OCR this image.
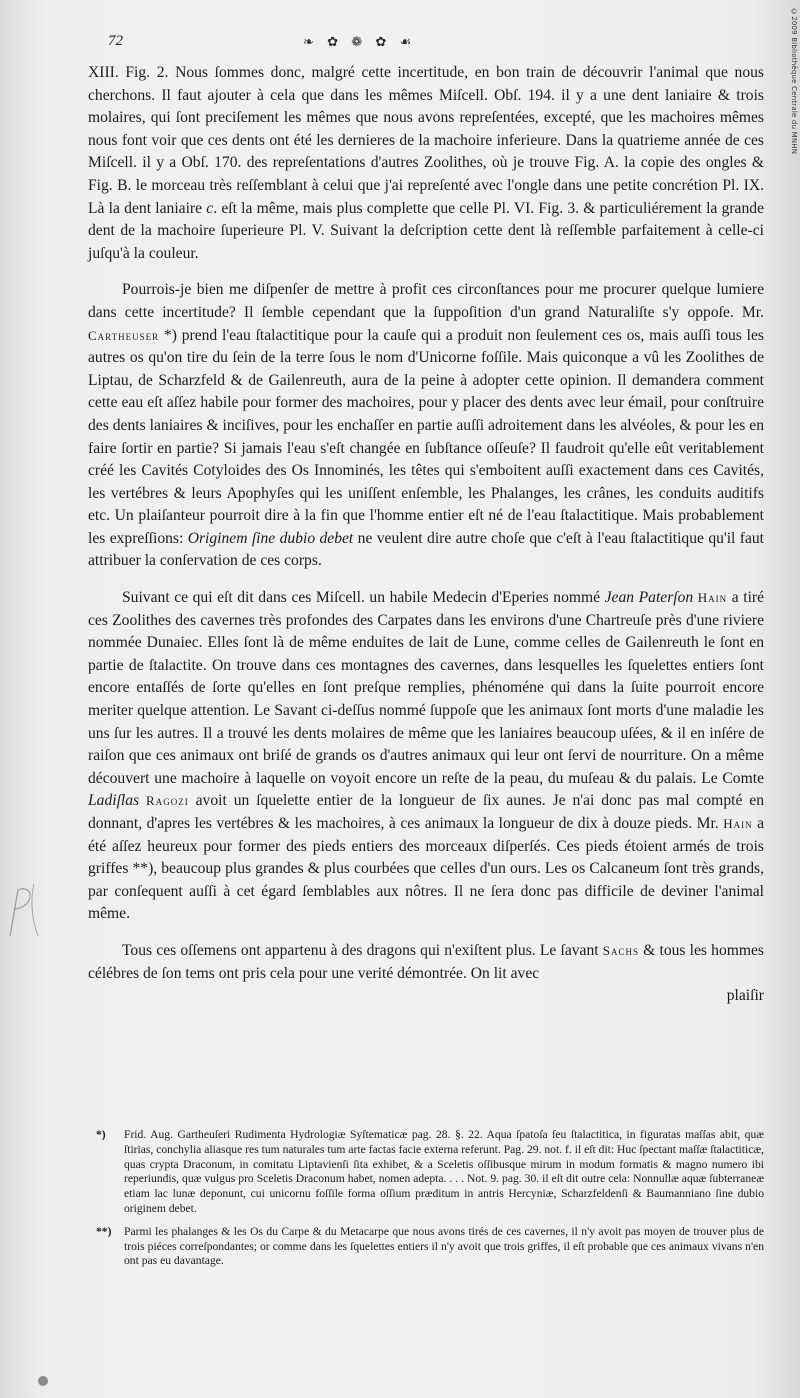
©2009 Bibliothèque Centrale du MNHN
72	❧ ✿ ❁ ✿ ☙

XIII. Fig. 2. Nous ſommes donc, malgré cette incertitude, en bon train de découvrir l'animal que nous cherchons. Il faut ajouter à cela que dans les mêmes Miſcell. Obſ. 194. il y a une dent laniaire & trois molaires, qui ſont preciſement les mêmes que nous avons repreſentées, excepté, que les machoires mêmes nous font voir que ces dents ont été les dernieres de la machoire inferieure. Dans la quatrieme année de ces Miſcell. il y a Obſ. 170. des repreſentations d'autres Zoolithes, où je trouve Fig. A. la copie des ongles & Fig. B. le morceau très reſſemblant à celui que j'ai repreſenté avec l'ongle dans une petite concrétion Pl. IX. Là la dent laniaire c. eſt la même, mais plus complette que celle Pl. VI. Fig. 3. & particuliérement la grande dent de la machoire ſuperieure Pl. V. Suivant la deſcription cette dent là reſſemble parfaitement à celle-ci juſqu'à la couleur.

Pourrois-je bien me diſpenſer de mettre à profit ces circonſtances pour me procurer quelque lumiere dans cette incertitude? Il ſemble cependant que la ſuppoſition d'un grand Naturaliſte s'y oppoſe. Mr. Cartheuser *) prend l'eau ſtalactitique pour la cauſe qui a produit non ſeulement ces os, mais auſſi tous les autres os qu'on tire du ſein de la terre ſous le nom d'Unicorne foſſile. Mais quiconque a vû les Zoolithes de Liptau, de Scharzfeld & de Gailenreuth, aura de la peine à adopter cette opinion. Il demandera comment cette eau eſt aſſez habile pour former des machoires, pour y placer des dents avec leur émail, pour conſtruire des dents laniaires & inciſives, pour les enchaſſer en partie auſſi adroitement dans les alvéoles, & pour les en faire ſortir en partie? Si jamais l'eau s'eſt changée en ſubſtance oſſeuſe? Il faudroit qu'elle eût veritablement créé les Cavités Cotyloides des Os Innominés, les têtes qui s'emboitent auſſi exactement dans ces Cavités, les vertébres & leurs Apophyſes qui les uniſſent enſemble, les Phalanges, les crânes, les conduits auditifs etc. Un plaiſanteur pourroit dire à la fin que l'homme entier eſt né de l'eau ſtalactitique. Mais probablement les expreſſions: Originem ſine dubio debet ne veulent dire autre choſe que c'eſt à l'eau ſtalactitique qu'il faut attribuer la conſervation de ces corps.

Suivant ce qui eſt dit dans ces Miſcell. un habile Medecin d'Eperies nommé Jean Paterſon Hain a tiré ces Zoolithes des cavernes très profondes des Carpates dans les environs d'une Chartreuſe près d'une riviere nommée Dunaiec. Elles ſont là de même enduites de lait de Lune, comme celles de Gailenreuth le ſont en partie de ſtalactite. On trouve dans ces montagnes des cavernes, dans lesquelles les ſquelettes entiers ſont encore entaſſés de ſorte qu'elles en ſont preſque remplies, phénoméne qui dans la ſuite pourroit encore meriter quelque attention. Le Savant ci-deſſus nommé ſuppoſe que les animaux ſont morts d'une maladie les uns ſur les autres. Il a trouvé les dents molaires de même que les laniaires beaucoup uſées, & il en inſére de raiſon que ces animaux ont briſé de grands os d'autres animaux qui leur ont ſervi de nourriture. On a même découvert une machoire à laquelle on voyoit encore un reſte de la peau, du muſeau & du palais. Le Comte Ladiſlas Ragozi avoit un ſquelette entier de la longueur de ſix aunes. Je n'ai donc pas mal compté en donnant, d'apres les vertébres & les machoires, à ces animaux la longueur de dix à douze pieds. Mr. Hain a été aſſez heureux pour former des pieds entiers des morceaux diſperſés. Ces pieds étoient armés de trois griffes **), beaucoup plus grandes & plus courbées que celles d'un ours. Les os Calcaneum ſont très grands, par conſequent auſſi à cet égard ſemblables aux nôtres. Il ne ſera donc pas difficile de deviner l'animal même.

Tous ces oſſemens ont appartenu à des dragons qui n'exiſtent plus. Le ſavant Sachs & tous les hommes célébres de ſon tems ont pris cela pour une verité démontrée. On lit avec

plaiſir
*)	Frid. Aug. Gartheuſeri Rudimenta Hydrologiæ Syſtematicæ pag. 28. §. 22. Aqua ſpatoſa ſeu ſtalactitica, in figuratas maſſas abit, quæ ſtirias, conchylia aliasque res tum naturales tum arte factas facie externa referunt. Pag. 29. not. f. il eſt dit: Huc ſpectant maſſæ ſtalactiticæ, quas crypta Draconum, in comitatu Liptavienſi ſita exhibet, & a Sceletis oſſibusque mirum in modum formatis & magno numero ibi reperiundis, quæ vulgus pro Sceletis Draconum habet, nomen adepta. . . . Not. 9. pag. 30. il eſt dit outre cela: Nonnullæ aquæ ſubterraneæ etiam lac lunæ deponunt, cui unicornu foſſile forma oſſium præditum in antris Hercyniæ, Scharzfeldenſi & Baumanniano ſine dubio originem debet.
**)	Parmi les phalanges & les Os du Carpe & du Metacarpe que nous avons tirés de ces cavernes, il n'y avoit pas moyen de trouver plus de trois piéces correſpondantes; or comme dans les ſquelettes entiers il n'y avoit que trois griffes, il eſt probable que ces animaux vivans n'en ont pas eu davantage.
